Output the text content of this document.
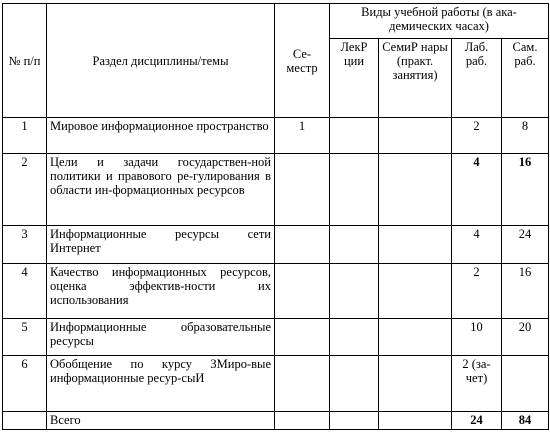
№ п/п	Раздел дисциплины/темы	Се-местр	Виды учебной работы (в ака-демических часах)			
			ЛекР ции	СемиР нары (практ. занятия)	Лаб. раб.	Сам. раб.
1	Мировое информационное пространство	1			2	8
2	Цели и задачи государствен-ной политики и правового ре-гулирования в области ин-формационных ресурсов				4	16
3	Информационные ресурсы сети Интернет				4	24
4	Качество информационных ресурсов, оценка эффектив-ности их использования				2	16
5	Информационные образовательные ресурсы				10	20
6	Обобщение по курсу ЗМиро-вые информационные ресур-сыИ				2 (за-чет)	
	Всего				24	84
